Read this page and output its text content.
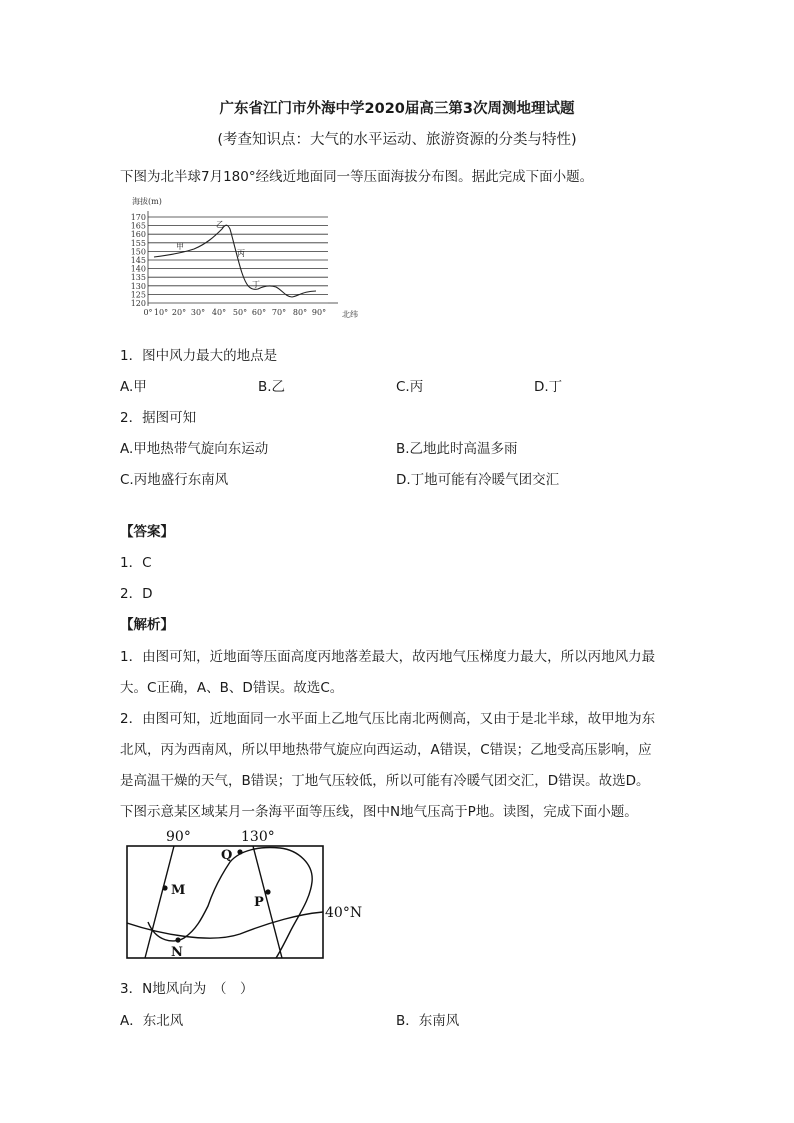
广东省江门市外海中学2020届高三第3次周测地理试题
(考查知识点：大气的水平运动、旅游资源的分类与特性)
下图为北半球7月180°经线近地面同一等压面海拔分布图。据此完成下面小题。
海拔(m)
170
165
160
155
150
145
140
135
130
125
120
0° 10° 20° 30° 40° 50° 60° 70° 80° 90° 北纬
甲
乙
丙
丁
1．图中风力最大的地点是
A.甲	B.乙	C.丙	D.丁
2．据图可知
A.甲地热带气旋向东运动	B.乙地此时高温多雨
C.丙地盛行东南风	D.丁地可能有冷暖气团交汇
【答案】
1．C
2．D
【解析】
1．由图可知，近地面等压面高度丙地落差最大，故丙地气压梯度力最大，所以丙地风力最
大。C正确，A、B、D错误。故选C。
2．由图可知，近地面同一水平面上乙地气压比南北两侧高，又由于是北半球，故甲地为东
北风，丙为西南风，所以甲地热带气旋应向西运动，A错误，C错误；乙地受高压影响，应
是高温干燥的天气，B错误；丁地气压较低，所以可能有冷暖气团交汇，D错误。故选D。
下图示意某区域某月一条海平面等压线，图中N地气压高于P地。读图，完成下面小题。
90°	130°
40°N
Q
M
P
N
3．N地风向为　（　）
A．东北风	B．东南风
